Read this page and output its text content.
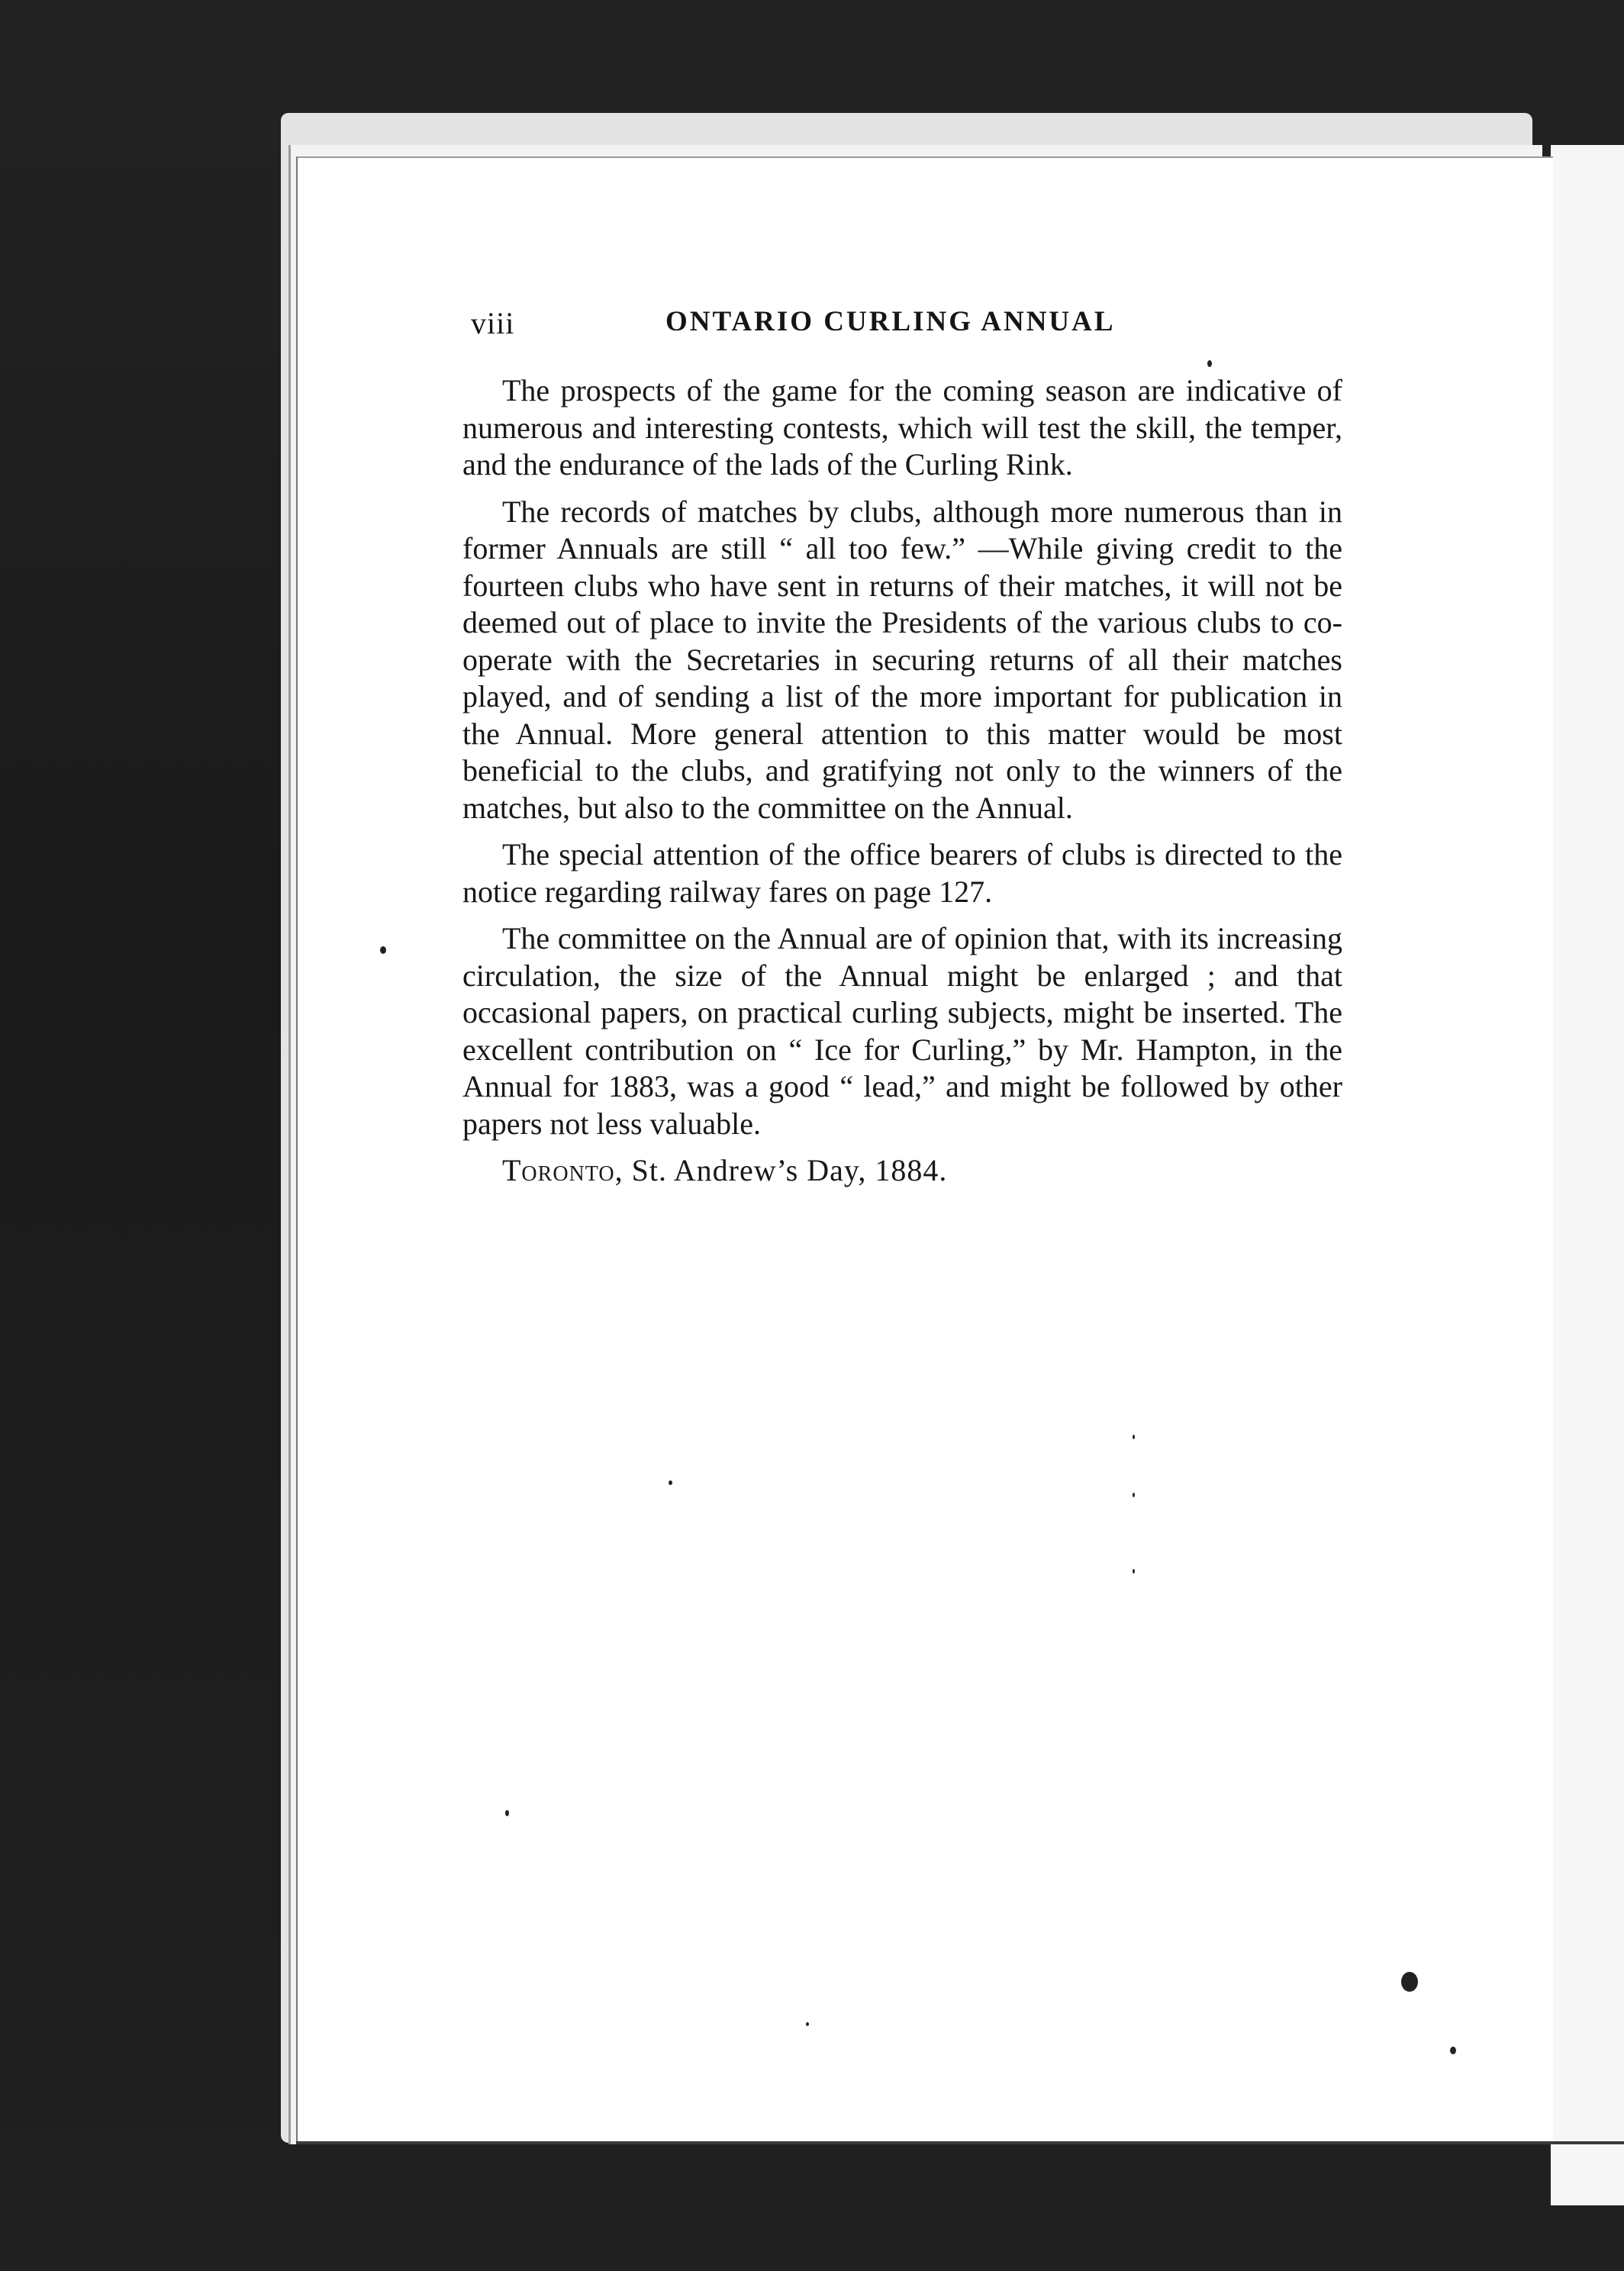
viii	ONTARIO CURLING ANNUAL

The prospects of the game for the coming season are indicative of numerous and interesting contests, which will test the skill, the temper, and the endurance of the lads of the Curling Rink.

The records of matches by clubs, although more numerous than in former Annuals are still “ all too few.” —While giving credit to the fourteen clubs who have sent in returns of their matches, it will not be deemed out of place to invite the Presidents of the various clubs to co-operate with the Secretaries in securing returns of all their matches played, and of sending a list of the more important for publication in the Annual. More general attention to this matter would be most beneficial to the clubs, and gratifying not only to the winners of the matches, but also to the committee on the Annual.

The special attention of the office bearers of clubs is directed to the notice regarding railway fares on page 127.

The committee on the Annual are of opinion that, with its increasing circulation, the size of the Annual might be enlarged ; and that occasional papers, on practical curling subjects, might be inserted. The excellent contribution on “ Ice for Curling,” by Mr. Hampton, in the Annual for 1883, was a good “ lead,” and might be followed by other papers not less valuable.

Toronto, St. Andrew’s Day, 1884.
